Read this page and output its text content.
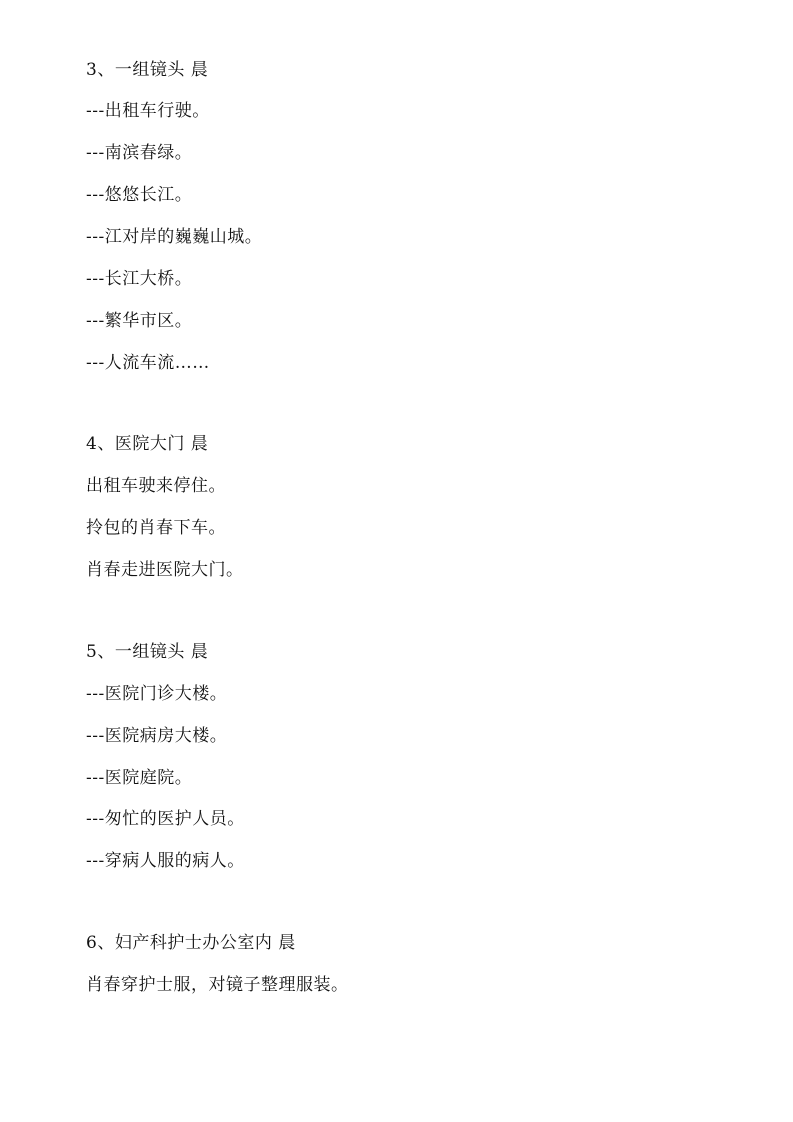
3、一组镜头 晨
---出租车行驶。
---南滨春绿。
---悠悠长江。
---江对岸的巍巍山城。
---长江大桥。
---繁华市区。
---人流车流……
4、医院大门 晨
出租车驶来停住。
拎包的肖春下车。
肖春走进医院大门。
5、一组镜头 晨
---医院门诊大楼。
---医院病房大楼。
---医院庭院。
---匆忙的医护人员。
---穿病人服的病人。
6、妇产科护士办公室内 晨
肖春穿护士服，对镜子整理服装。
